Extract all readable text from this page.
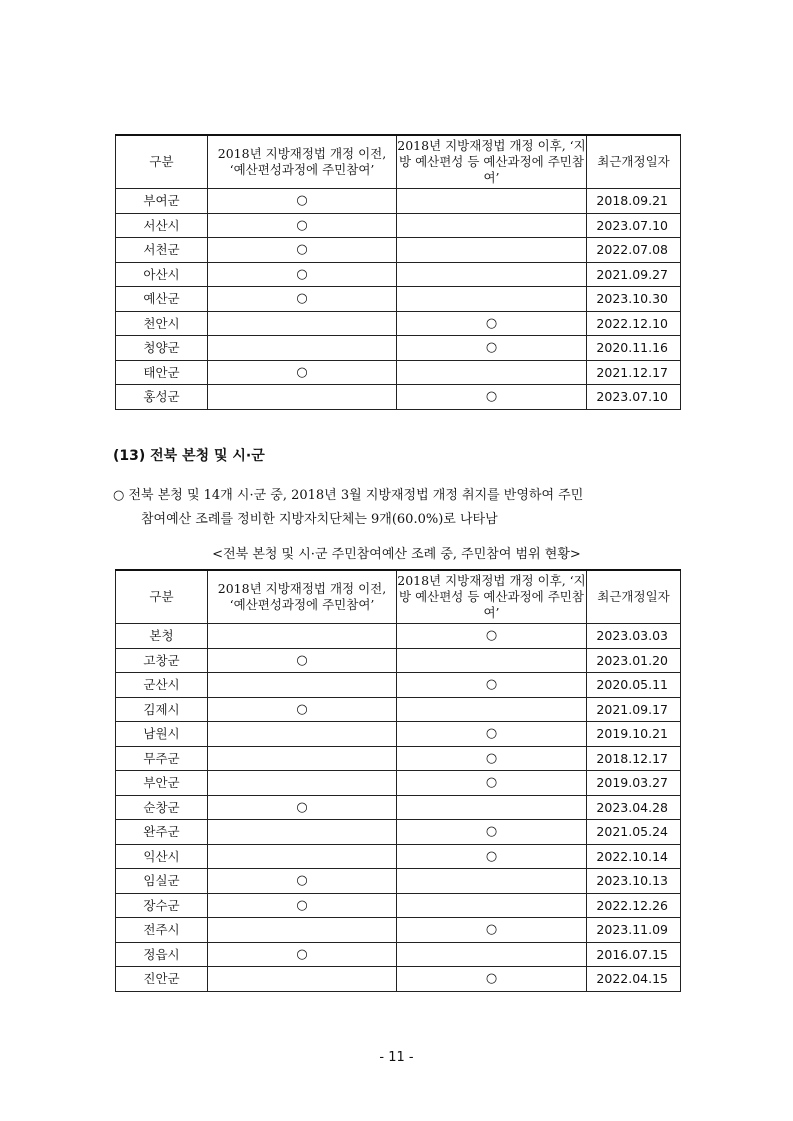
구분	2018년 지방재정법 개정 이전, ‘예산편성과정에 주민참여’	2018년 지방재정법 개정 이후, ‘지방 예산편성 등 예산과정에 주민참여’	최근개정일자
부여군	○		2018.09.21
서산시	○		2023.07.10
서천군	○		2022.07.08
아산시	○		2021.09.27
예산군	○		2023.10.30
천안시		○	2022.12.10
청양군		○	2020.11.16
태안군	○		2021.12.17
홍성군		○	2023.07.10
(13) 전북 본청 및 시·군
○ 전북 본청 및 14개 시·군 중, 2018년 3월 지방재정법 개정 취지를 반영하여 주민
참여예산 조례를 정비한 지방자치단체는 9개(60.0%)로 나타남
<전북 본청 및 시·군 주민참여예산 조례 중, 주민참여 범위 현황>
구분	2018년 지방재정법 개정 이전, ‘예산편성과정에 주민참여’	2018년 지방재정법 개정 이후, ‘지방 예산편성 등 예산과정에 주민참여’	최근개정일자
본청		○	2023.03.03
고창군	○		2023.01.20
군산시		○	2020.05.11
김제시	○		2021.09.17
남원시		○	2019.10.21
무주군		○	2018.12.17
부안군		○	2019.03.27
순창군	○		2023.04.28
완주군		○	2021.05.24
익산시		○	2022.10.14
임실군	○		2023.10.13
장수군	○		2022.12.26
전주시		○	2023.11.09
정읍시	○		2016.07.15
진안군		○	2022.04.15
- 11 -
